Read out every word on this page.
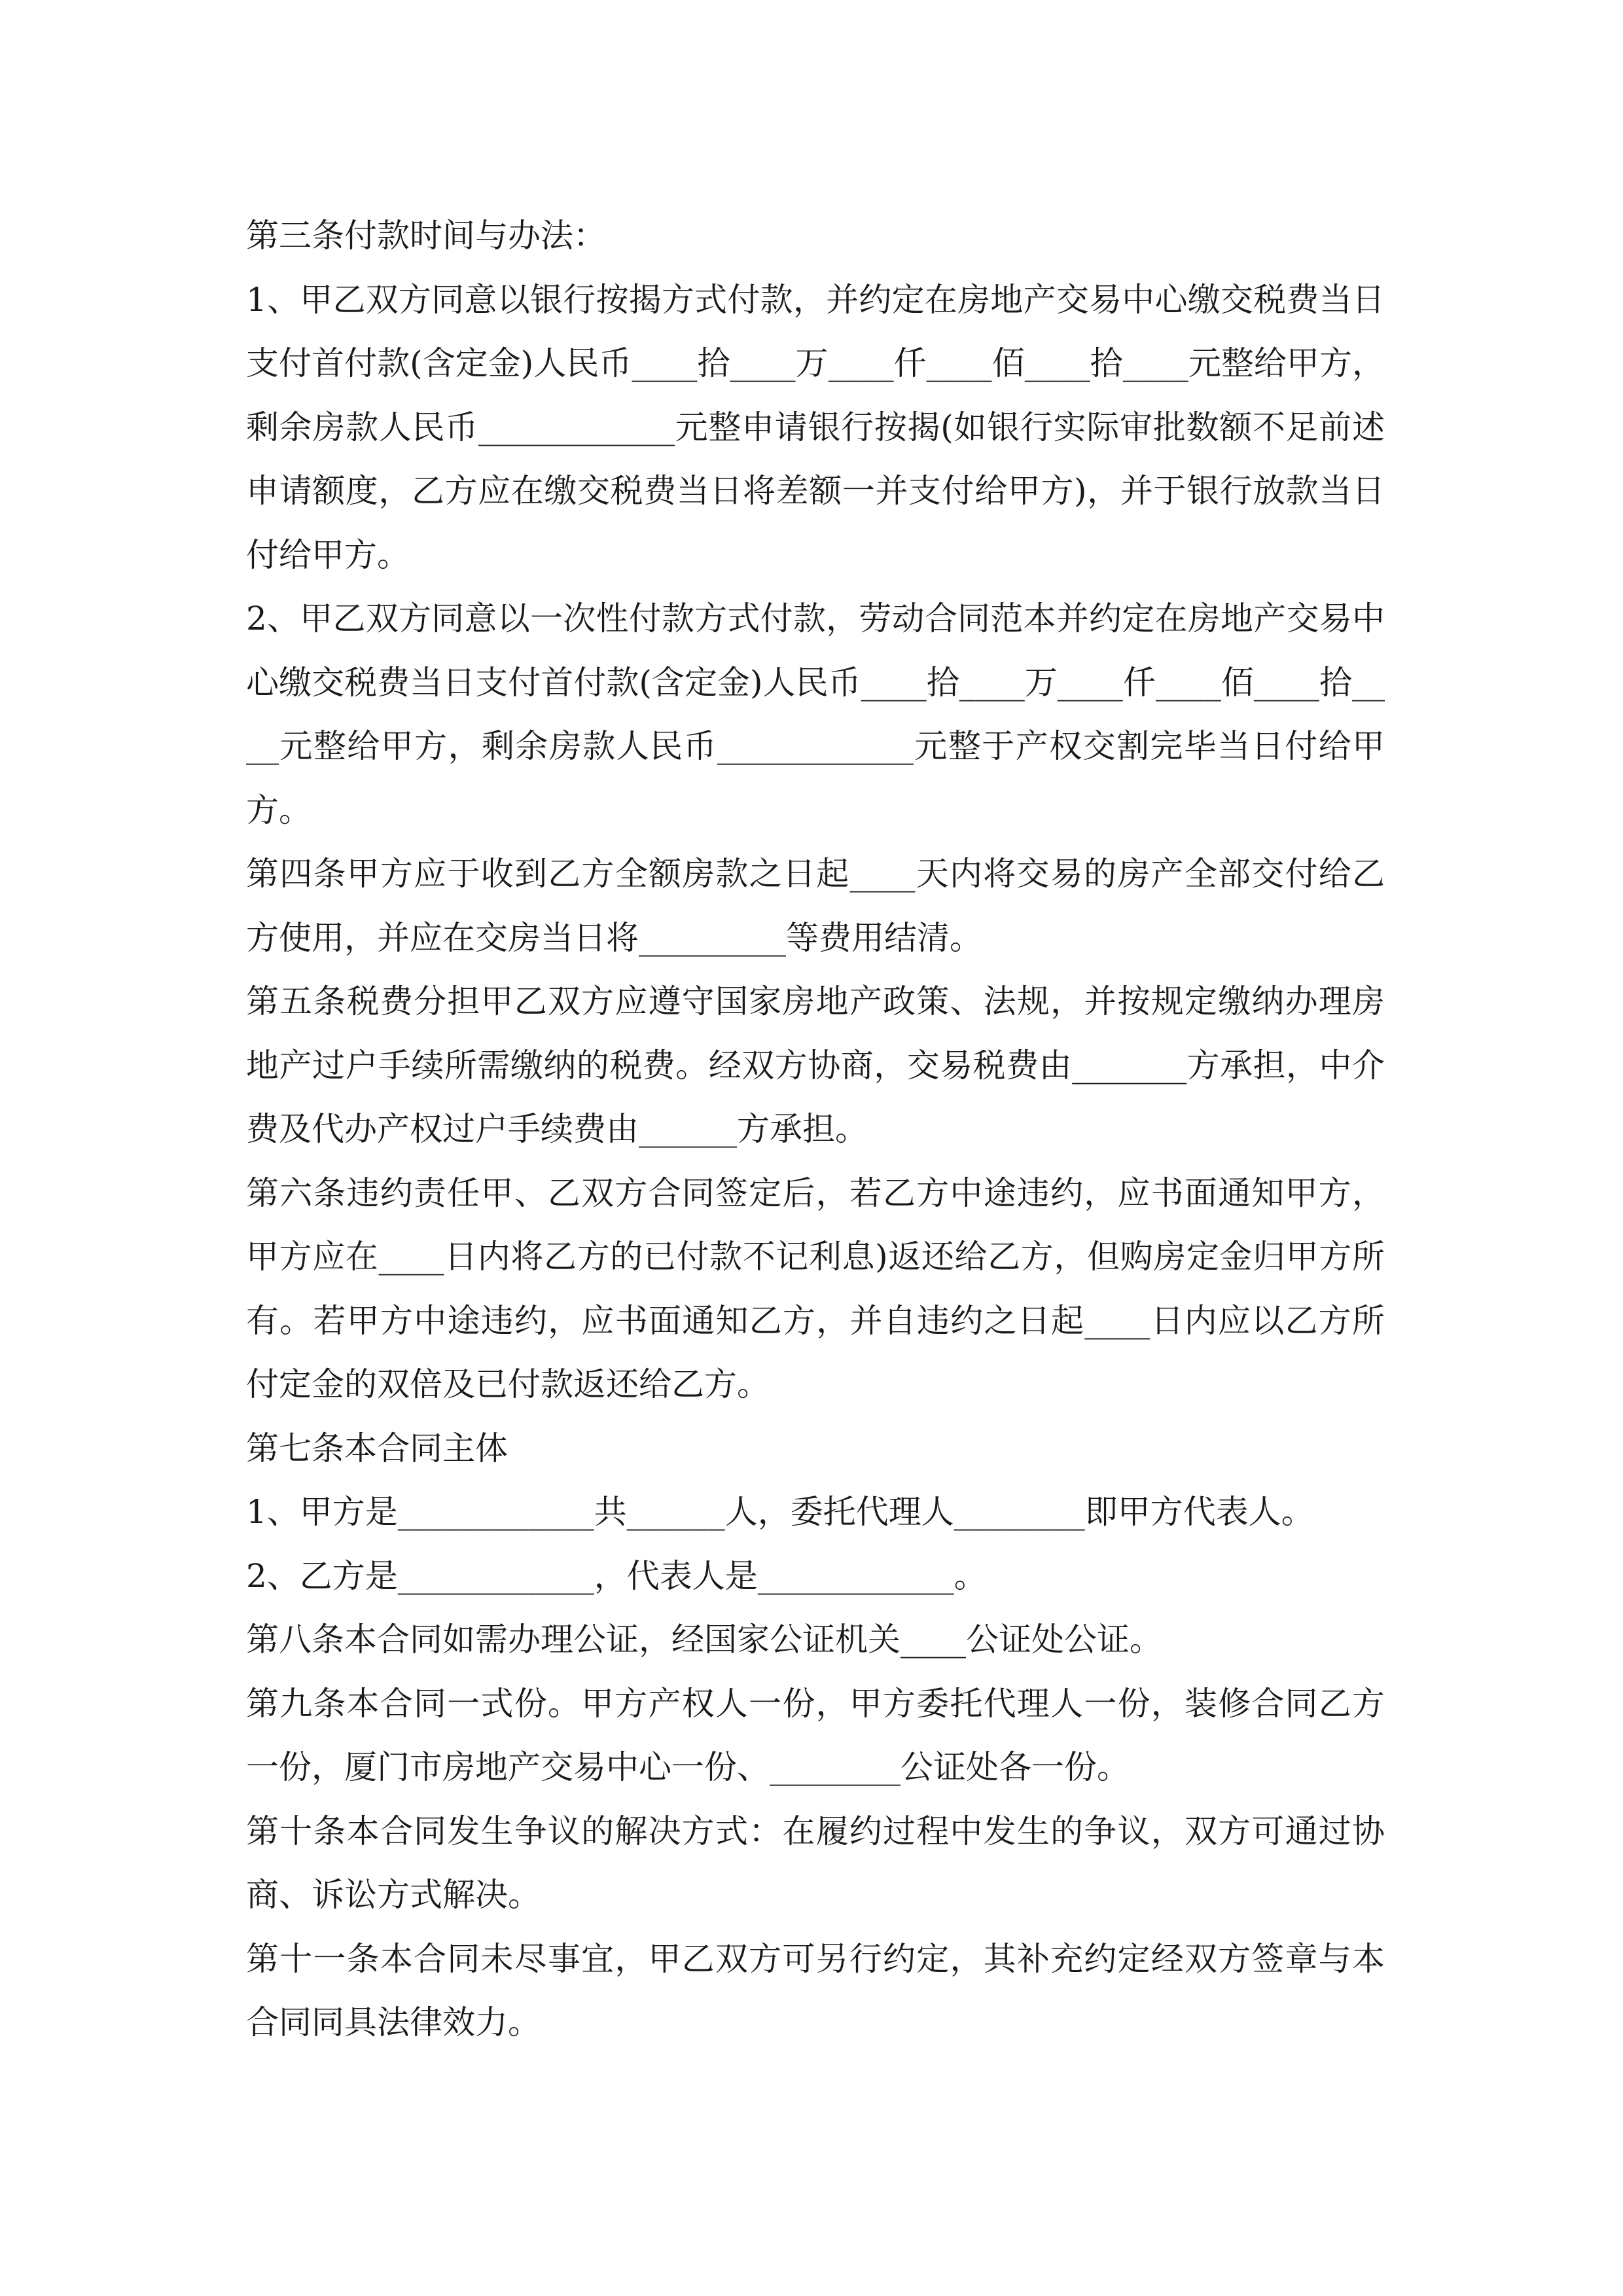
第三条付款时间与办法：

1、甲乙双方同意以银行按揭方式付款，并约定在房地产交易中心缴交税费当日支付首付款(含定金)人民币____拾____万____仟____佰____拾____元整给甲方，剩余房款人民币____________元整申请银行按揭(如银行实际审批数额不足前述申请额度，乙方应在缴交税费当日将差额一并支付给甲方)，并于银行放款当日付给甲方。

2、甲乙双方同意以一次性付款方式付款，劳动合同范本并约定在房地产交易中心缴交税费当日支付首付款(含定金)人民币____拾____万____仟____佰____拾____元整给甲方，剩余房款人民币____________元整于产权交割完毕当日付给甲方。

第四条甲方应于收到乙方全额房款之日起____天内将交易的房产全部交付给乙方使用，并应在交房当日将_________等费用结清。

第五条税费分担甲乙双方应遵守国家房地产政策、法规，并按规定缴纳办理房地产过户手续所需缴纳的税费。经双方协商，交易税费由_______方承担，中介费及代办产权过户手续费由______方承担。

第六条违约责任甲、乙双方合同签定后，若乙方中途违约，应书面通知甲方，甲方应在____日内将乙方的已付款不记利息)返还给乙方，但购房定金归甲方所有。若甲方中途违约，应书面通知乙方，并自违约之日起____日内应以乙方所付定金的双倍及已付款返还给乙方。

第七条本合同主体

1、甲方是____________共______人，委托代理人________即甲方代表人。

2、乙方是____________，代表人是____________。

第八条本合同如需办理公证，经国家公证机关____公证处公证。

第九条本合同一式份。甲方产权人一份，甲方委托代理人一份，装修合同乙方一份，厦门市房地产交易中心一份、________公证处各一份。

第十条本合同发生争议的解决方式：在履约过程中发生的争议，双方可通过协商、诉讼方式解决。

第十一条本合同未尽事宜，甲乙双方可另行约定，其补充约定经双方签章与本合同同具法律效力。
